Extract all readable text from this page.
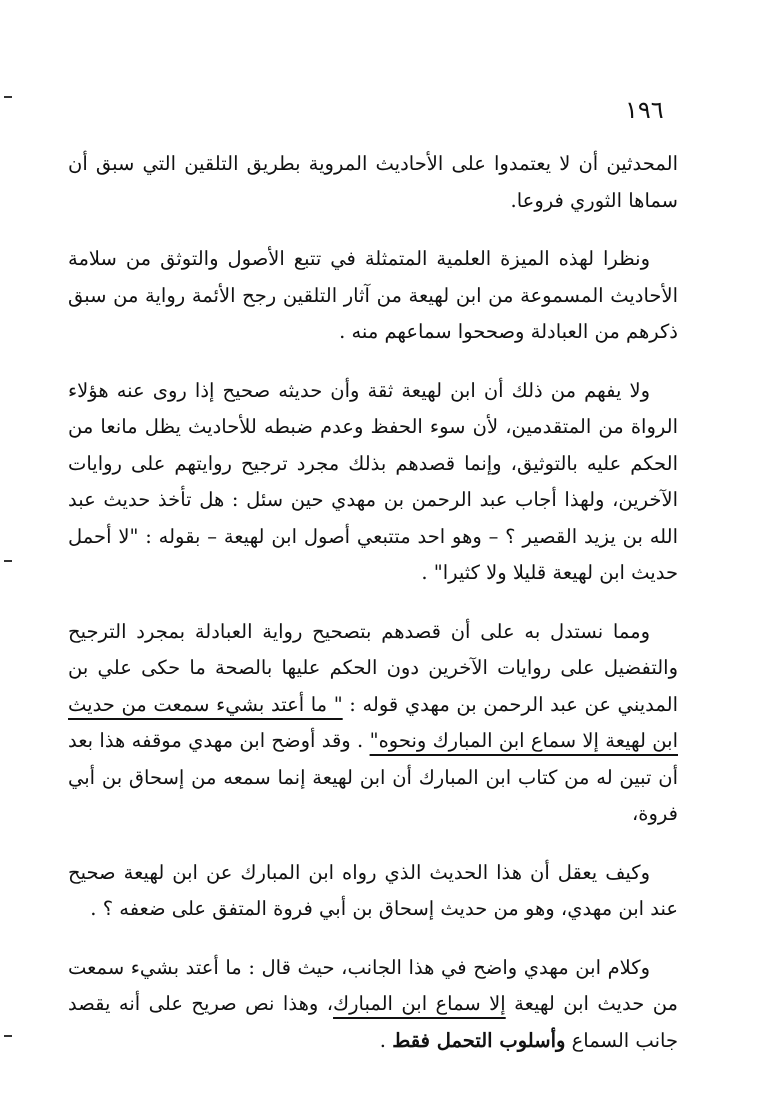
١٩٦

المحدثين أن لا يعتمدوا على الأحاديث المروية بطريق التلقين التي سبق أن سماها الثوري فروعا.

ونظرا لهذه الميزة العلمية المتمثلة في تتبع الأصول والتوثق من سلامة الأحاديث المسموعة من ابن لهيعة من آثار التلقين رجح الأئمة رواية من سبق ذكرهم من العبادلة وصححوا سماعهم منه .

ولا يفهم من ذلك أن ابن لهيعة ثقة وأن حديثه صحيح إذا روى عنه هؤلاء الرواة من المتقدمين، لأن سوء الحفظ وعدم ضبطه للأحاديث يظل مانعا من الحكم عليه بالتوثيق، وإنما قصدهم بذلك مجرد ترجيح روايتهم على روايات الآخرين، ولهذا أجاب عبد الرحمن بن مهدي حين سئل : هل تأخذ حديث عبد الله بن يزيد القصير ؟ – وهو احد متتبعي أصول ابن لهيعة – بقوله : "لا أحمل حديث ابن لهيعة قليلا ولا كثيرا" .

ومما نستدل به على أن قصدهم بتصحيح رواية العبادلة بمجرد الترجيح والتفضيل على روايات الآخرين دون الحكم عليها بالصحة ما حكى علي بن المديني عن عبد الرحمن بن مهدي قوله : " ما أعتد بشيء سمعت من حديث ابن لهيعة إلا سماع ابن المبارك ونحوه" . وقد أوضح ابن مهدي موقفه هذا بعد أن تبين له من كتاب ابن المبارك أن ابن لهيعة إنما سمعه من إسحاق بن أبي فروة،

وكيف يعقل أن هذا الحديث الذي رواه ابن المبارك عن ابن لهيعة صحيح عند ابن مهدي، وهو من حديث إسحاق بن أبي فروة المتفق على ضعفه ؟ .

وكلام ابن مهدي واضح في هذا الجانب، حيث قال : ما أعتد بشيء سمعت من حديث ابن لهيعة إلا سماع ابن المبارك، وهذا نص صريح على أنه يقصد جانب السماع وأسلوب التحمل فقط .
